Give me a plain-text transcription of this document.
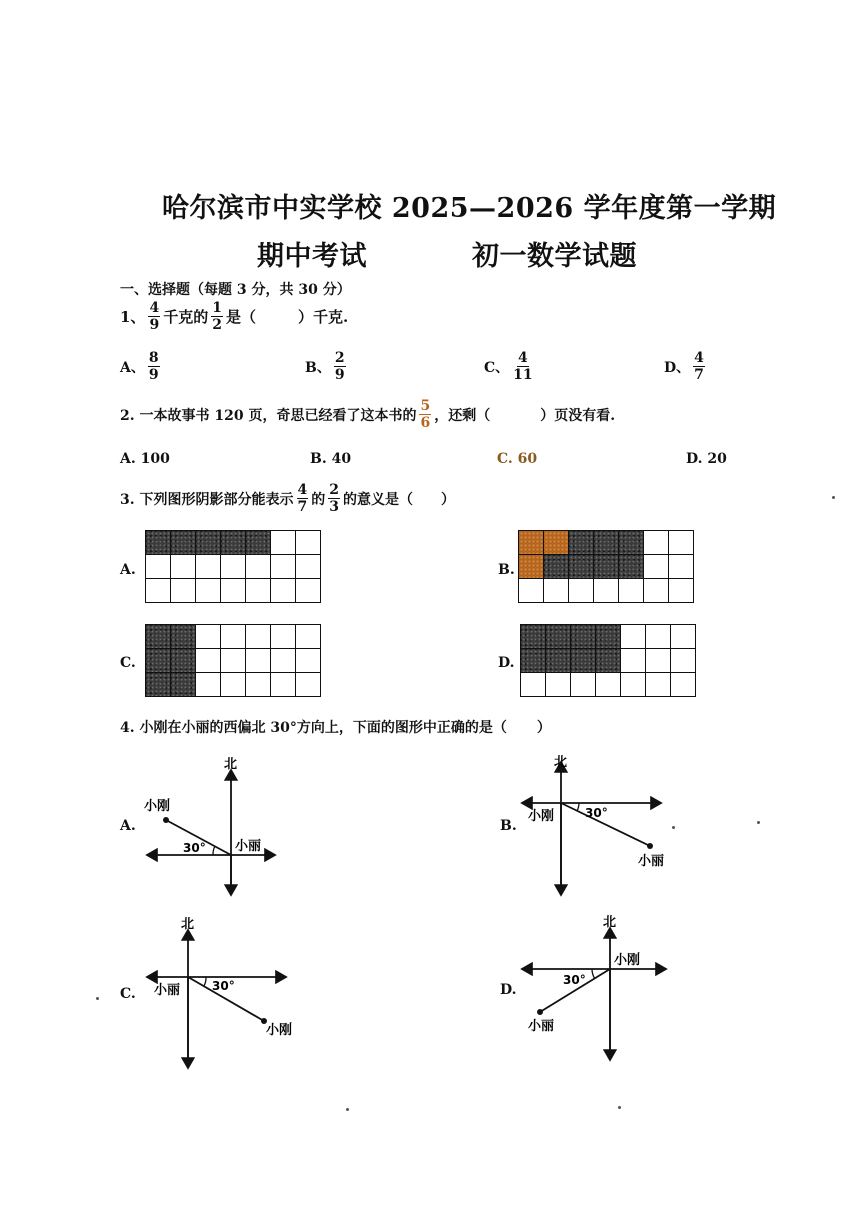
哈尔滨市中实学校 2025—2026 学年度第一学期
期中考试	初一数学试题
一、选择题（每题 3 分，共 30 分）
1、 $\frac{4}{9}$ 千克的 $\frac{1}{2}$ 是（	）千克.
A、 $\frac{8}{9}$	B、 $\frac{2}{9}$	C、 $\frac{4}{11}$	D、 $\frac{4}{7}$
2. 一本故事书 120 页，奇思已经看了这本书的 $\frac{5}{6}$ ，还剩（	）页没有看.
A. 100	B. 40	C. 60	D. 20
3. 下列图形阴影部分能表示 $\frac{4}{7}$ 的 $\frac{2}{3}$ 的意义是（ ）
A.	B.
C.	D.

4. 小刚在小丽的西偏北 30°方向上，下面的图形中正确的是（ ）
A.	B.
C.	D.
北
小刚
小丽
30°
北
小刚	30°
小丽
北
小丽	30°
小刚
北
小刚
30°
小丽
